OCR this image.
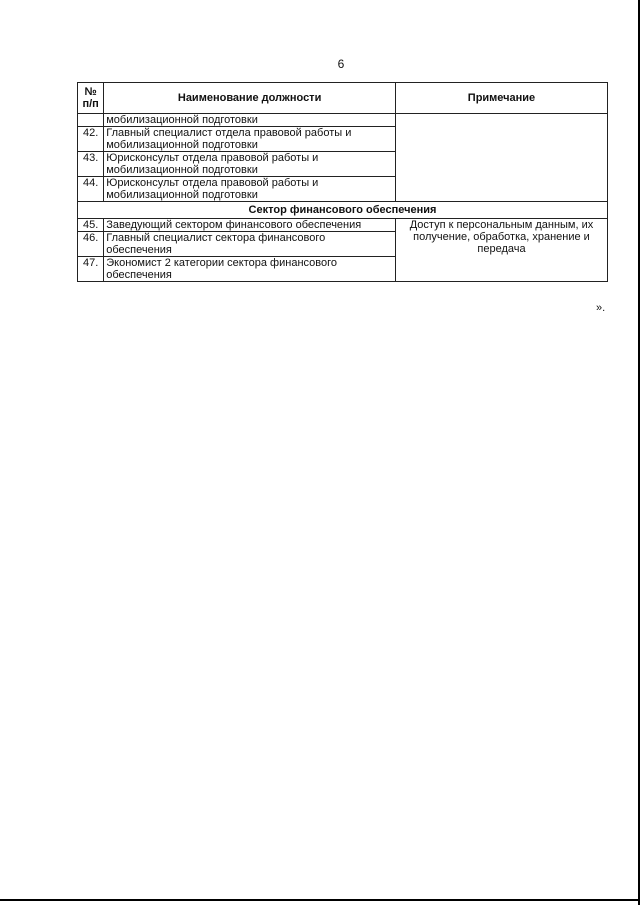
6
№ п/п	Наименование должности	Примечание
	мобилизационной подготовки	
42.	Главный специалист отдела правовой работы и мобилизационной подготовки	
43.	Юрисконсульт отдела правовой работы и мобилизационной подготовки	
44.	Юрисконсульт отдела правовой работы и мобилизационной подготовки	
Сектор финансового обеспечения		
45.	Заведующий сектором финансового обеспечения	Доступ к персональным данным, их получение, обработка, хранение и передача
46.	Главный специалист сектора финансового обеспечения	
47.	Экономист 2 категории сектора финансового обеспечения	
».
